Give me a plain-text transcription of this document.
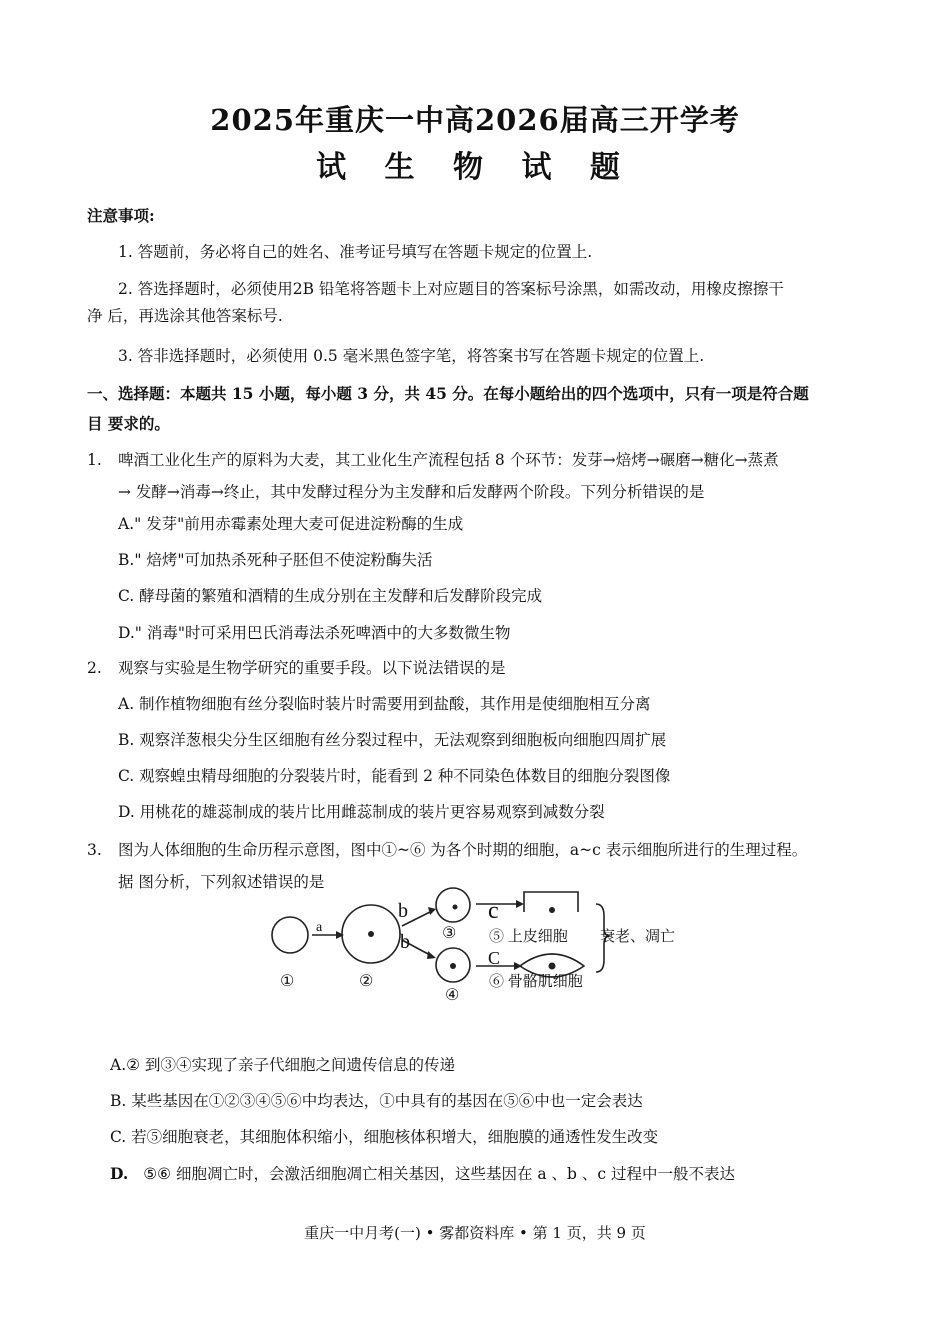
2025年重庆一中高2026届高三开学考
试 生 物 试 题
注意事项:
1. 答题前，务必将自己的姓名、准考证号填写在答题卡规定的位置上.
2. 答选择题时，必须使用2B 铅笔将答题卡上对应题目的答案标号涂黑，如需改动，用橡皮擦擦干
净 后，再选涂其他答案标号.
3. 答非选择题时，必须使用 0.5 毫米黑色签字笔，将答案书写在答题卡规定的位置上.
一、选择题：本题共 15 小题，每小题 3 分，共 45 分。在每小题给出的四个选项中，只有一项是符合题
目 要求的。
1. 啤酒工业化生产的原料为大麦，其工业化生产流程包括 8 个环节：发芽→焙烤→碾磨→糖化→蒸煮
→ 发酵→消毒→终止，其中发酵过程分为主发酵和后发酵两个阶段。下列分析错误的是
A." 发芽"前用赤霉素处理大麦可促进淀粉酶的生成
B." 焙烤"可加热杀死种子胚但不使淀粉酶失活
C. 酵母菌的繁殖和酒精的生成分别在主发酵和后发酵阶段完成
D." 消毒"时可采用巴氏消毒法杀死啤酒中的大多数微生物
2. 观察与实验是生物学研究的重要手段。以下说法错误的是
A. 制作植物细胞有丝分裂临时装片时需要用到盐酸，其作用是使细胞相互分离
B. 观察洋葱根尖分生区细胞有丝分裂过程中，无法观察到细胞板向细胞四周扩展
C. 观察蝗虫精母细胞的分裂装片时，能看到 2 种不同染色体数目的细胞分裂图像
D. 用桃花的雄蕊制成的装片比用雌蕊制成的装片更容易观察到减数分裂
3. 图为人体细胞的生命历程示意图，图中①~⑥ 为各个时期的细胞，a~c 表示细胞所进行的生理过程。
据 图分析，下列叙述错误的是
a
b
b
c
C
①	②
③
④
⑤ 上皮细胞
⑥ 骨骼肌细胞
衰老、凋亡
A.② 到③④实现了亲子代细胞之间遗传信息的传递
B. 某些基因在①②③④⑤⑥中均表达，①中具有的基因在⑤⑥中也一定会表达
C. 若⑤细胞衰老，其细胞体积缩小，细胞核体积增大，细胞膜的通透性发生改变
D. ⑤⑥ 细胞凋亡时，会激活细胞凋亡相关基因，这些基因在 a 、b 、c 过程中一般不表达
重庆一中月考(一) • 雾都资料库 • 第 1 页，共 9 页
